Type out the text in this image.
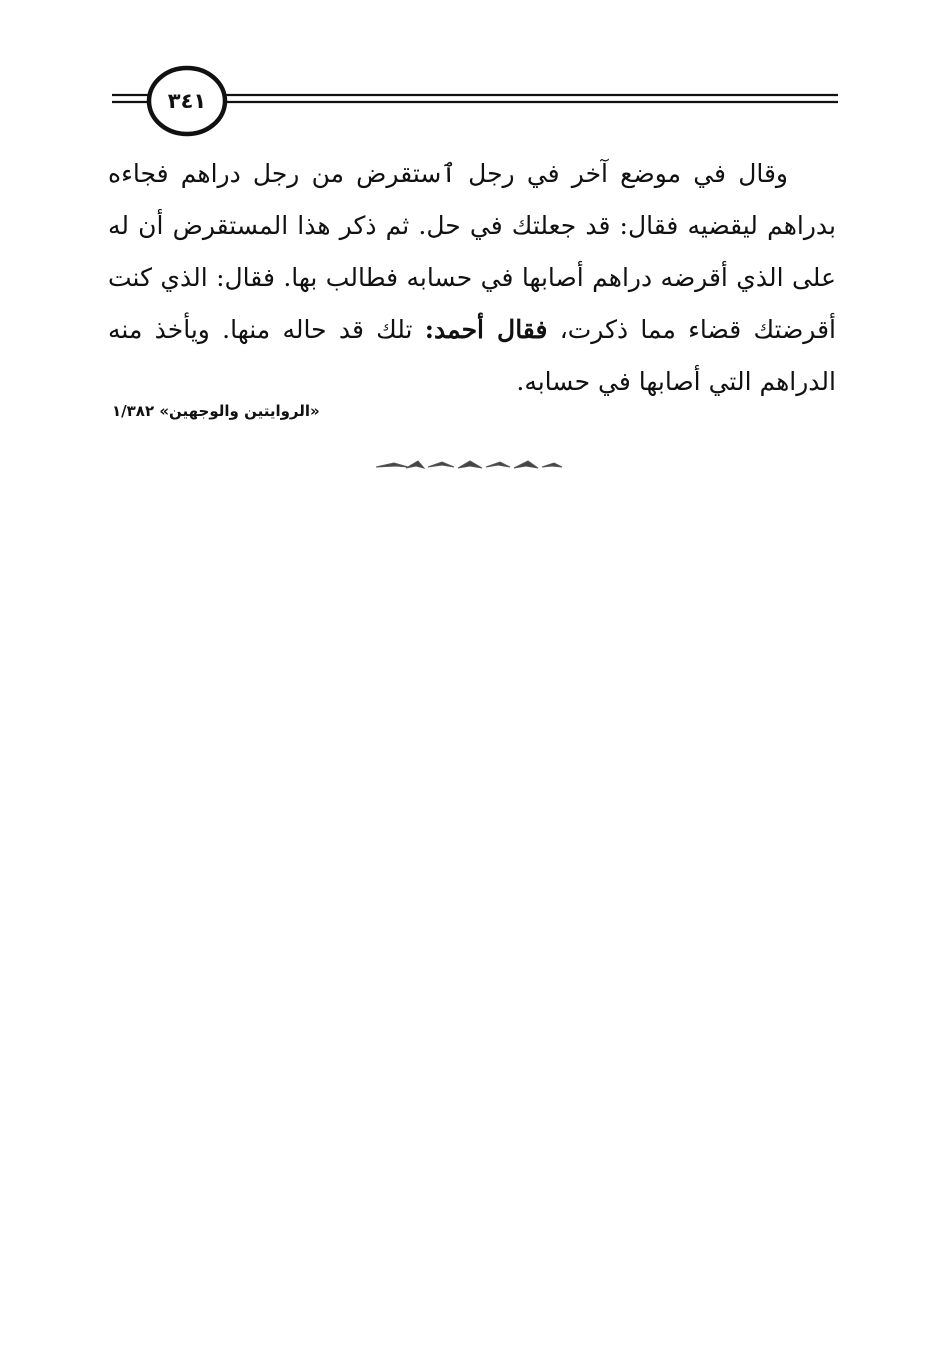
٣٤١

وقال في موضع آخر في رجل ٱستقرض من رجل دراهم فجاءه بدراهم ليقضيه فقال: قد جعلتك في حل. ثم ذكر هذا المستقرض أن له على الذي أقرضه دراهم أصابها في حسابه فطالب بها. فقال: الذي كنت أقرضتك قضاء مما ذكرت، فقال أحمد: تلك قد حاله منها. ويأخذ منه الدراهم التي أصابها في حسابه.

«الروايتين والوجهين» ١/٣٨٢
